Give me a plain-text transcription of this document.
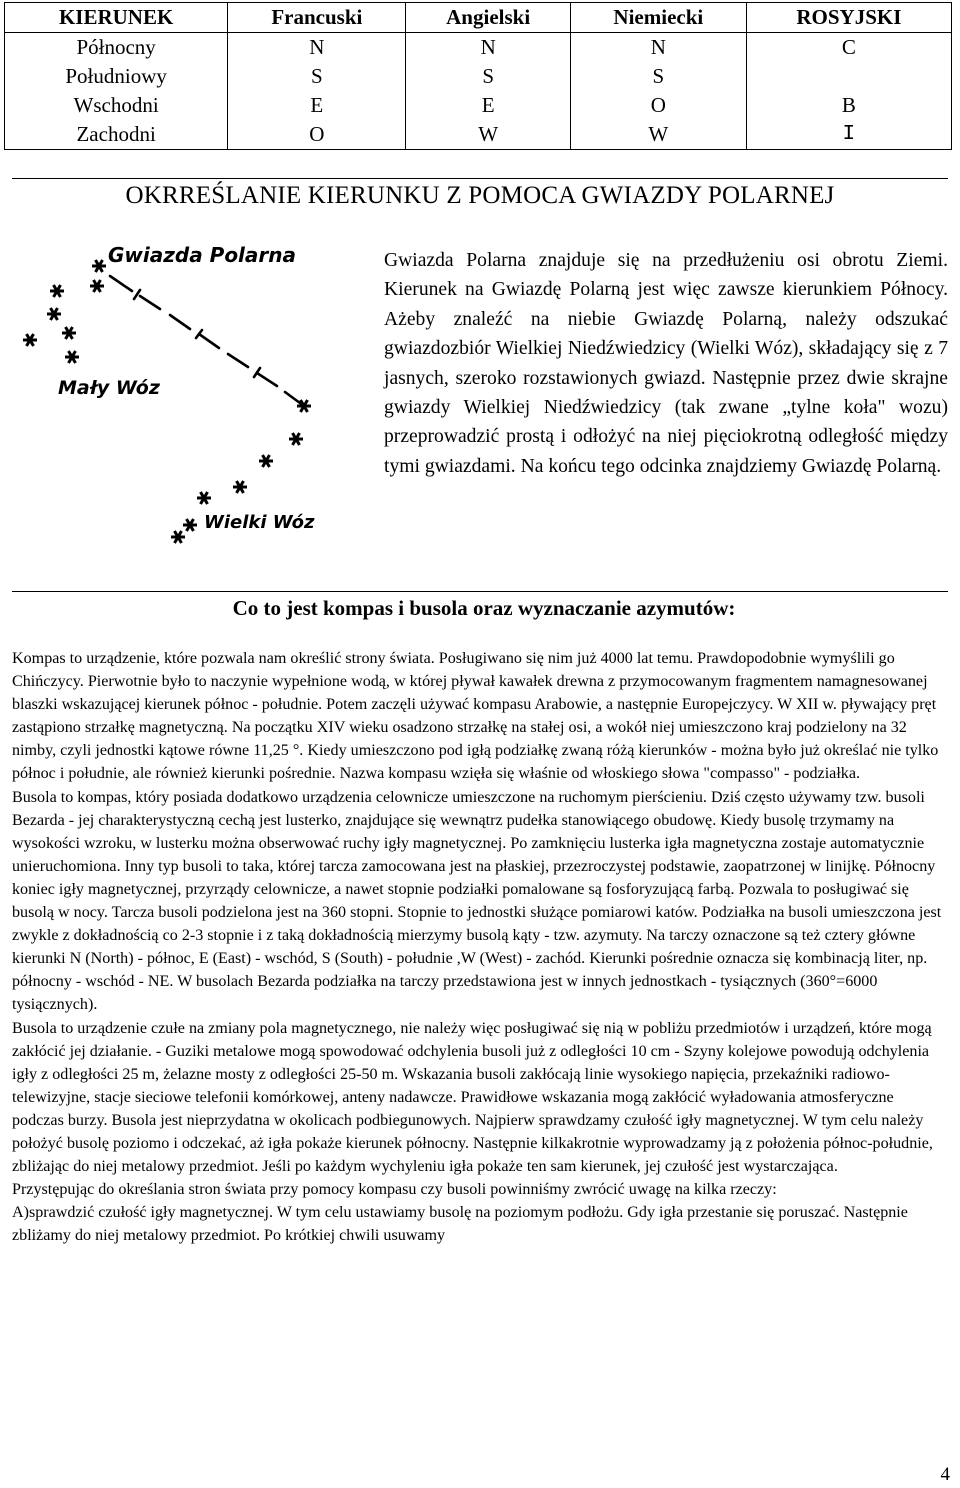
KIERUNEK	Francuski	Angielski	Niemiecki	ROSYJSKI
Północny	N	N	N	C
Południowy	S	S	S	
Wschodni	E	E	O	B
Zachodni	O	W	W	I
OKRREŚLANIE KIERUNKU Z POMOCA GWIAZDY POLARNEJ
Gwiazda Polarna
Mały Wóz
Wielki Wóz
Gwiazda Polarna znajduje się na przedłużeniu osi obrotu Ziemi. Kierunek na Gwiazdę Polarną jest więc zawsze kierunkiem Północy. Ażeby znaleźć na niebie Gwiazdę Polarną, należy odszukać gwiazdozbiór Wielkiej Niedźwiedzicy (Wielki Wóz), składający się z 7 jasnych, szeroko rozstawionych gwiazd. Następnie przez dwie skrajne gwiazdy Wielkiej Niedźwiedzicy (tak zwane „tylne koła" wozu) przeprowadzić prostą i odłożyć na niej pięciokrotną odległość między tymi gwiazdami. Na końcu tego odcinka znajdziemy Gwiazdę Polarną.
Co to jest kompas i busola oraz wyznaczanie azymutów:

Kompas to urządzenie, które pozwala nam określić strony świata. Posługiwano się nim już 4000 lat temu. Prawdopodobnie wymyślili go Chińczycy. Pierwotnie było to naczynie wypełnione wodą, w której pływał kawałek drewna z przymocowanym fragmentem namagnesowanej blaszki wskazującej kierunek północ - południe. Potem zaczęli używać kompasu Arabowie, a następnie Europejczycy. W XII w. pływający pręt zastąpiono strzałkę magnetyczną. Na początku XIV wieku osadzono strzałkę na stałej osi, a wokół niej umieszczono kraj podzielony na 32 nimby, czyli jednostki kątowe równe 11,25 °. Kiedy umieszczono pod igłą podziałkę zwaną różą kierunków - można było już określać nie tylko północ i południe, ale również kierunki pośrednie. Nazwa kompasu wzięła się właśnie od włoskiego słowa "compasso" - podziałka.

Busola to kompas, który posiada dodatkowo urządzenia celownicze umieszczone na ruchomym pierścieniu. Dziś często używamy tzw. busoli Bezarda - jej charakterystyczną cechą jest lusterko, znajdujące się wewnątrz pudełka stanowiącego obudowę. Kiedy busolę trzymamy na wysokości wzroku, w lusterku można obserwować ruchy igły magnetycznej. Po zamknięciu lusterka igła magnetyczna zostaje automatycznie unieruchomiona. Inny typ busoli to taka, której tarcza zamocowana jest na płaskiej, przezroczystej podstawie, zaopatrzonej w linijkę. Północny koniec igły magnetycznej, przyrządy celownicze, a nawet stopnie podziałki pomalowane są fosforyzującą farbą. Pozwala to posługiwać się busolą w nocy. Tarcza busoli podzielona jest na 360 stopni. Stopnie to jednostki służące pomiarowi katów. Podziałka na busoli umieszczona jest zwykle z dokładnością co 2-3 stopnie i z taką dokładnością mierzymy busolą kąty - tzw. azymuty. Na tarczy oznaczone są też cztery główne kierunki N (North) - północ, E (East) - wschód, S (South) - południe ,W (West) - zachód. Kierunki pośrednie oznacza się kombinacją liter, np. północny - wschód - NE. W busolach Bezarda podziałka na tarczy przedstawiona jest w innych jednostkach - tysiącznych (360°=6000 tysiącznych).

Busola to urządzenie czułe na zmiany pola magnetycznego, nie należy więc posługiwać się nią w pobliżu przedmiotów i urządzeń, które mogą zakłócić jej działanie. - Guziki metalowe mogą spowodować odchylenia busoli już z odległości 10 cm - Szyny kolejowe powodują odchylenia igły z odległości 25 m, żelazne mosty z odległości 25-50 m. Wskazania busoli zakłócają linie wysokiego napięcia, przekaźniki radiowo-telewizyjne, stacje sieciowe telefonii komórkowej, anteny nadawcze. Prawidłowe wskazania mogą zakłócić wyładowania atmosferyczne podczas burzy. Busola jest nieprzydatna w okolicach podbiegunowych. Najpierw sprawdzamy czułość igły magnetycznej. W tym celu należy położyć busolę poziomo i odczekać, aż igła pokaże kierunek północny. Następnie kilkakrotnie wyprowadzamy ją z położenia północ-południe, zbliżając do niej metalowy przedmiot. Jeśli po każdym wychyleniu igła pokaże ten sam kierunek, jej czułość jest wystarczająca.

Przystępując do określania stron świata przy pomocy kompasu czy busoli powinniśmy zwrócić uwagę na kilka rzeczy:

A)sprawdzić czułość igły magnetycznej. W tym celu ustawiamy busolę na poziomym podłożu. Gdy igła przestanie się poruszać. Następnie zbliżamy do niej metalowy przedmiot. Po krótkiej chwili usuwamy

4
